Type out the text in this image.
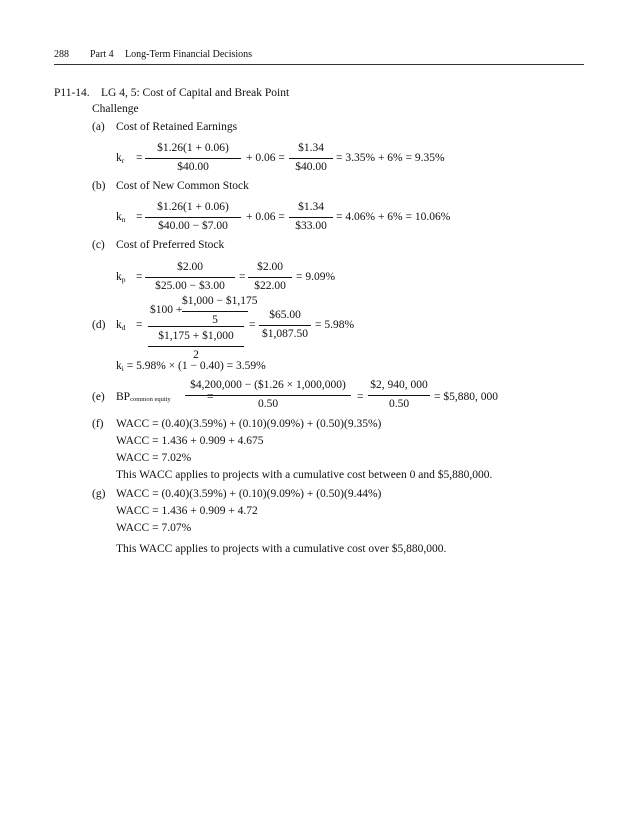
288 Part 4 Long-Term Financial Decisions
P11-14. LG 4, 5: Cost of Capital and Break Point
Challenge
(a) Cost of Retained Earnings
$k_r = \frac{\$1.26(1 + 0.06)}{\$40.00} + 0.06 = \frac{\$1.34}{\$40.00} = 3.35\% + 6\% = 9.35\%$
(b) Cost of New Common Stock
$k_n = \frac{\$1.26(1 + 0.06)}{\$40.00 - \$7.00} + 0.06 = \frac{\$1.34}{\$33.00} = 4.06\% + 6\% = 10.06\%$
(c) Cost of Preferred Stock
$k_p = \frac{\$2.00}{\$25.00 - \$3.00} = \frac{\$2.00}{\$22.00} = 9.09\%$
(d) $k_d$ =
$100 + $\frac{\$1,000 - \$1,175}{5}$
$1,175 + $1,000
2
= $\frac{\$65.00}{\$1,087.50} = 5.98\%$
$k_i = 5.98\% \times (1 - 0.40) = 3.59\%$
(e) BPcommon equity	=
$\frac{\$4,200,000 - (\$1.26 \times 1,000,000)}{0.50} = \frac{\$2, 940, 000}{0.50}$ = $5,880, 000
(f) WACC = (0.40)(3.59%) + (0.10)(9.09%) + (0.50)(9.35%)
WACC = 1.436 + 0.909 + 4.675
WACC = 7.02%
This WACC applies to projects with a cumulative cost between 0 and $5,880,000.
(g) WACC = (0.40)(3.59%) + (0.10)(9.09%) + (0.50)(9.44%)
WACC = 1.436 + 0.909 + 4.72
WACC = 7.07%
This WACC applies to projects with a cumulative cost over $5,880,000.
